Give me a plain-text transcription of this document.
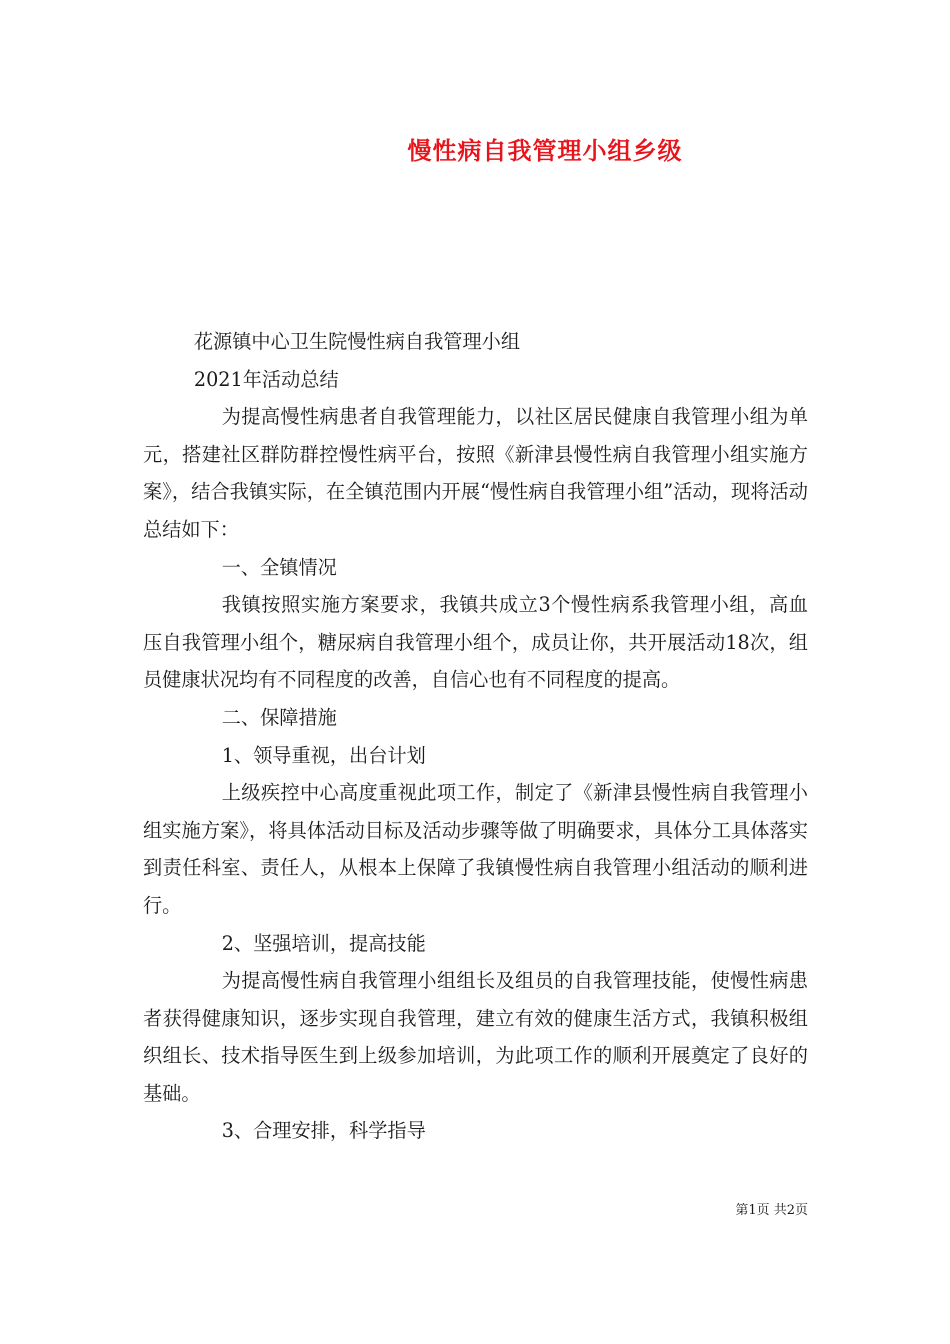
慢性病自我管理小组乡级

花源镇中心卫生院慢性病自我管理小组

2021年活动总结

为提高慢性病患者自我管理能力，以社区居民健康自我管理小组为单元，搭建社区群防群控慢性病平台，按照《新津县慢性病自我管理小组实施方案》，结合我镇实际，在全镇范围内开展“慢性病自我管理小组”活动，现将活动总结如下：

一、全镇情况

我镇按照实施方案要求，我镇共成立3个慢性病系我管理小组，高血压自我管理小组个，糖尿病自我管理小组个，成员让你，共开展活动18次，组员健康状况均有不同程度的改善，自信心也有不同程度的提高。

二、保障措施

1、领导重视，出台计划

上级疾控中心高度重视此项工作，制定了《新津县慢性病自我管理小组实施方案》，将具体活动目标及活动步骤等做了明确要求，具体分工具体落实到责任科室、责任人，从根本上保障了我镇慢性病自我管理小组活动的顺利进行。

2、坚强培训，提高技能

为提高慢性病自我管理小组组长及组员的自我管理技能，使慢性病患者获得健康知识，逐步实现自我管理，建立有效的健康生活方式，我镇积极组织组长、技术指导医生到上级参加培训，为此项工作的顺利开展奠定了良好的基础。

3、合理安排，科学指导

第1页 共2页
